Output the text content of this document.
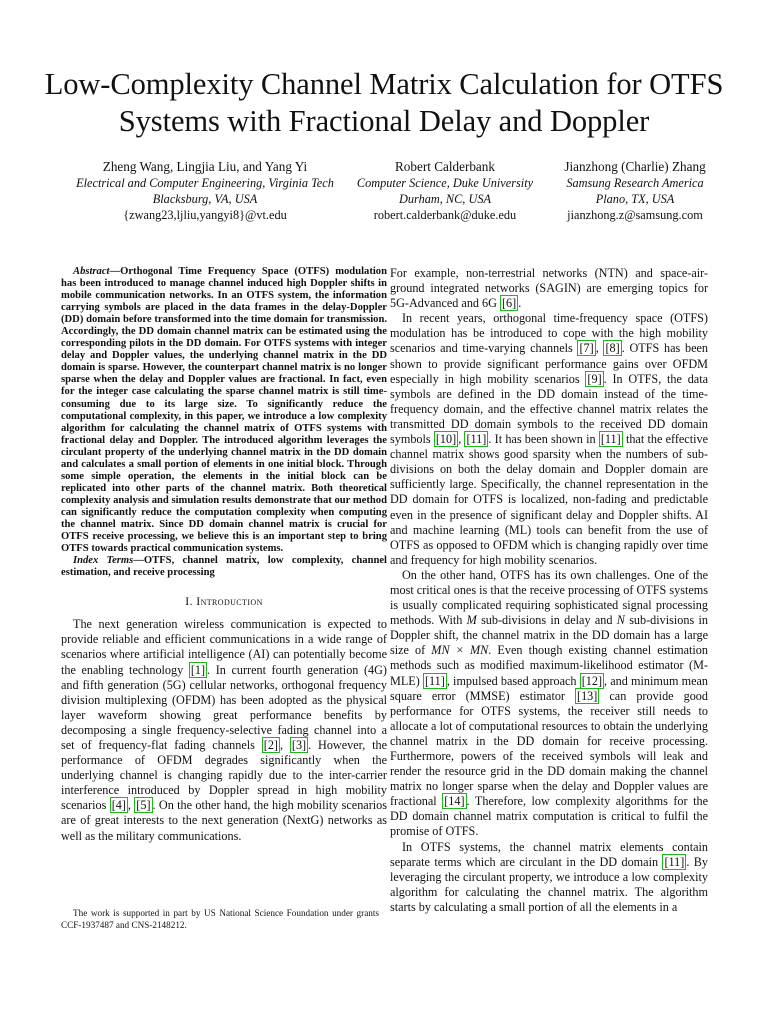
Low-Complexity Channel Matrix Calculation for OTFS Systems with Fractional Delay and Doppler
Zheng Wang, Lingjia Liu, and Yang Yi
Electrical and Computer Engineering, Virginia Tech
Blacksburg, VA, USA
{zwang23,ljliu,yangyi8}@vt.edu
Robert Calderbank
Computer Science, Duke University
Durham, NC, USA
robert.calderbank@duke.edu
Jianzhong (Charlie) Zhang
Samsung Research America
Plano, TX, USA
jianzhong.z@samsung.com

Abstract—Orthogonal Time Frequency Space (OTFS) modulation has been introduced to manage channel induced high Doppler shifts in mobile communication networks. In an OTFS system, the information carrying symbols are placed in the data frames in the delay-Doppler (DD) domain before transformed into the time domain for transmission. Accordingly, the DD domain channel matrix can be estimated using the corresponding pilots in the DD domain. For OTFS systems with integer delay and Doppler values, the underlying channel matrix in the DD domain is sparse. However, the counterpart channel matrix is no longer sparse when the delay and Doppler values are fractional. In fact, even for the integer case calculating the sparse channel matrix is still time-consuming due to its large size. To significantly reduce the computational complexity, in this paper, we introduce a low complexity algorithm for calculating the channel matrix of OTFS systems with fractional delay and Doppler. The introduced algorithm leverages the circulant property of the underlying channel matrix in the DD domain and calculates a small portion of elements in one initial block. Through some simple operation, the elements in the initial block can be replicated into other parts of the channel matrix. Both theoretical complexity analysis and simulation results demonstrate that our method can significantly reduce the computation complexity when computing the channel matrix. Since DD domain channel matrix is crucial for OTFS receive processing, we believe this is an important step to bring OTFS towards practical communication systems.

Index Terms—OTFS, channel matrix, low complexity, channel estimation, and receive processing

I. Introduction

The next generation wireless communication is expected to provide reliable and efficient communications in a wide range of scenarios where artificial intelligence (AI) can potentially become the enabling technology [1] . In current fourth generation (4G) and fifth generation (5G) cellular networks, orthogonal frequency division multiplexing (OFDM) has been adopted as the physical layer waveform showing great performance benefits by decomposing a single frequency-selective fading channel into a set of frequency-flat fading channels [2] , [3] . However, the performance of OFDM degrades significantly when the underlying channel is changing rapidly due to the inter-carrier interference introduced by Doppler spread in high mobility scenarios [4] , [5] . On the other hand, the high mobility scenarios are of great interests to the next generation (NextG) networks as well as the military communications.

The work is supported in part by US National Science Foundation under grants CCF-1937487 and CNS-2148212.

For example, non-terrestrial networks (NTN) and space-air-ground integrated networks (SAGIN) are emerging topics for 5G-Advanced and 6G [6] .

In recent years, orthogonal time-frequency space (OTFS) modulation has be introduced to cope with the high mobility scenarios and time-varying channels [7] , [8] . OTFS has been shown to provide significant performance gains over OFDM especially in high mobility scenarios [9] . In OTFS, the data symbols are defined in the DD domain instead of the time-frequency domain, and the effective channel matrix relates the transmitted DD domain symbols to the received DD domain symbols [10] , [11] . It has been shown in [11] that the effective channel matrix shows good sparsity when the numbers of sub-divisions on both the delay domain and Doppler domain are sufficiently large. Specifically, the channel representation in the DD domain for OTFS is localized, non-fading and predictable even in the presence of significant delay and Doppler shifts. AI and machine learning (ML) tools can benefit from the use of OTFS as opposed to OFDM which is changing rapidly over time and frequency for high mobility scenarios.

On the other hand, OTFS has its own challenges. One of the most critical ones is that the receive processing of OTFS systems is usually complicated requiring sophisticated signal processing methods. With M sub-divisions in delay and N sub-divisions in Doppler shift, the channel matrix in the DD domain has a large size of MN × MN. Even though existing channel estimation methods such as modified maximum-likelihood estimator (M-MLE) [11] , impulsed based approach [12] , and minimum mean square error (MMSE) estimator [13] can provide good performance for OTFS systems, the receiver still needs to allocate a lot of computational resources to obtain the underlying channel matrix in the DD domain for receive processing. Furthermore, powers of the received symbols will leak and render the resource grid in the DD domain making the channel matrix no longer sparse when the delay and Doppler values are fractional [14] . Therefore, low complexity algorithms for the DD domain channel matrix computation is critical to fulfil the promise of OTFS.

In OTFS systems, the channel matrix elements contain separate terms which are circulant in the DD domain [11] . By leveraging the circulant property, we introduce a low complexity algorithm for calculating the channel matrix. The algorithm starts by calculating a small portion of all the elements in a
